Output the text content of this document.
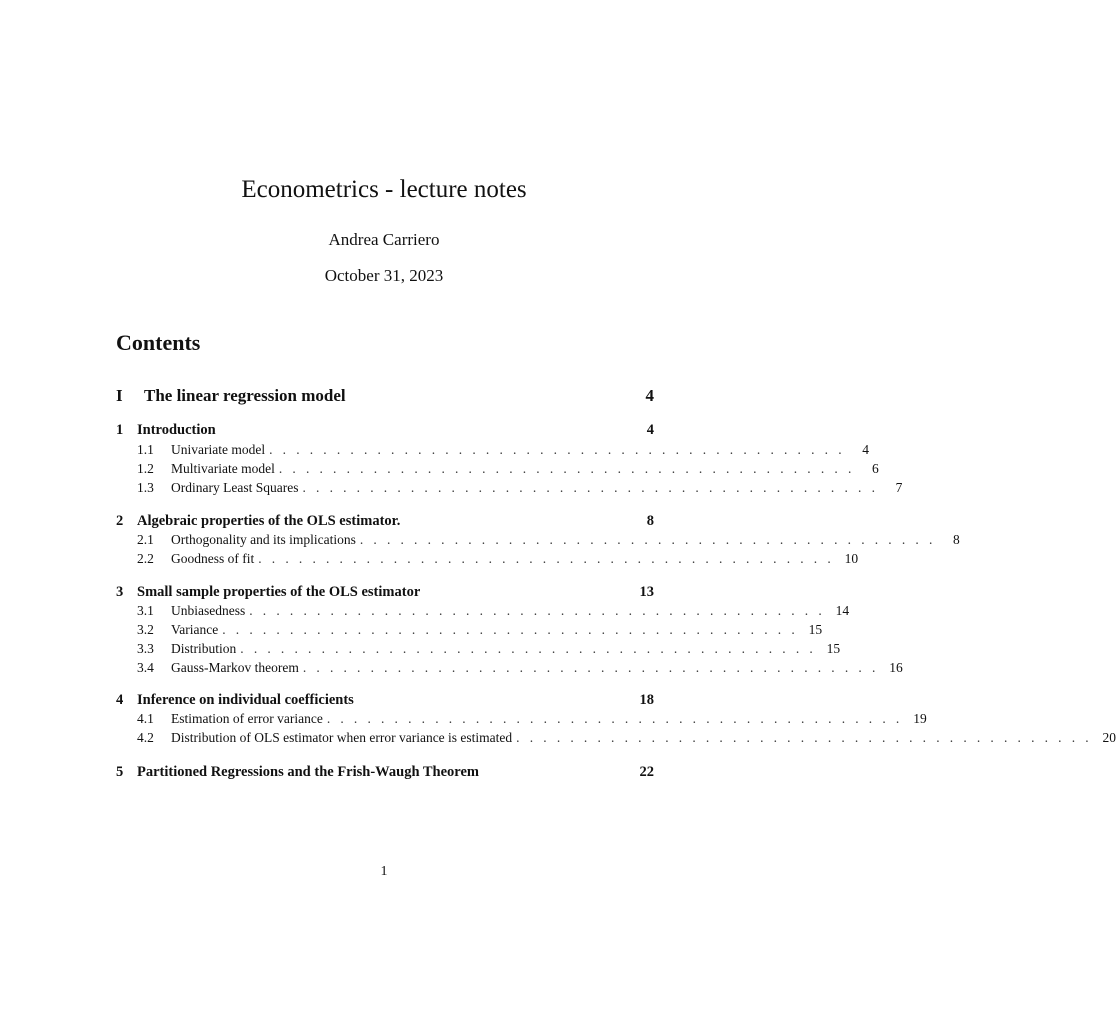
Econometrics - lecture notes
Andrea Carriero
October 31, 2023
Contents
I	The linear regression model	4
1 Introduction	4
1.1	Univariate model . . . . . . . . . . . . . . . . . . . . . . . . . . . . . . . . . . . . . . . . . . .	4
1.2	Multivariate model . . . . . . . . . . . . . . . . . . . . . . . . . . . . . . . . . . . . . . . . . . .	6
1.3	Ordinary Least Squares . . . . . . . . . . . . . . . . . . . . . . . . . . . . . . . . . . . . . . . . . . .	7
2 Algebraic properties of the OLS estimator.	8
2.1	Orthogonality and its implications . . . . . . . . . . . . . . . . . . . . . . . . . . . . . . . . . . . . . . . . . . .	8
2.2	Goodness of fit . . . . . . . . . . . . . . . . . . . . . . . . . . . . . . . . . . . . . . . . . . . 10
3 Small sample properties of the OLS estimator	13
3.1	Unbiasedness . . . . . . . . . . . . . . . . . . . . . . . . . . . . . . . . . . . . . . . . . . . 14
3.2	Variance . . . . . . . . . . . . . . . . . . . . . . . . . . . . . . . . . . . . . . . . . . . 15
3.3	Distribution . . . . . . . . . . . . . . . . . . . . . . . . . . . . . . . . . . . . . . . . . . . 15
3.4	Gauss-Markov theorem . . . . . . . . . . . . . . . . . . . . . . . . . . . . . . . . . . . . . . . . . . . 16
4 Inference on individual coefficients	18
4.1	Estimation of error variance . . . . . . . . . . . . . . . . . . . . . . . . . . . . . . . . . . . . . . . . . . . 19
4.2	Distribution of OLS estimator when error variance is estimated . . . . . . . . . . . . . . . . . . . . . . . . . . . . . . . . . . . . . . . . . . . 20
5 Partitioned Regressions and the Frish-Waugh Theorem	22
1
